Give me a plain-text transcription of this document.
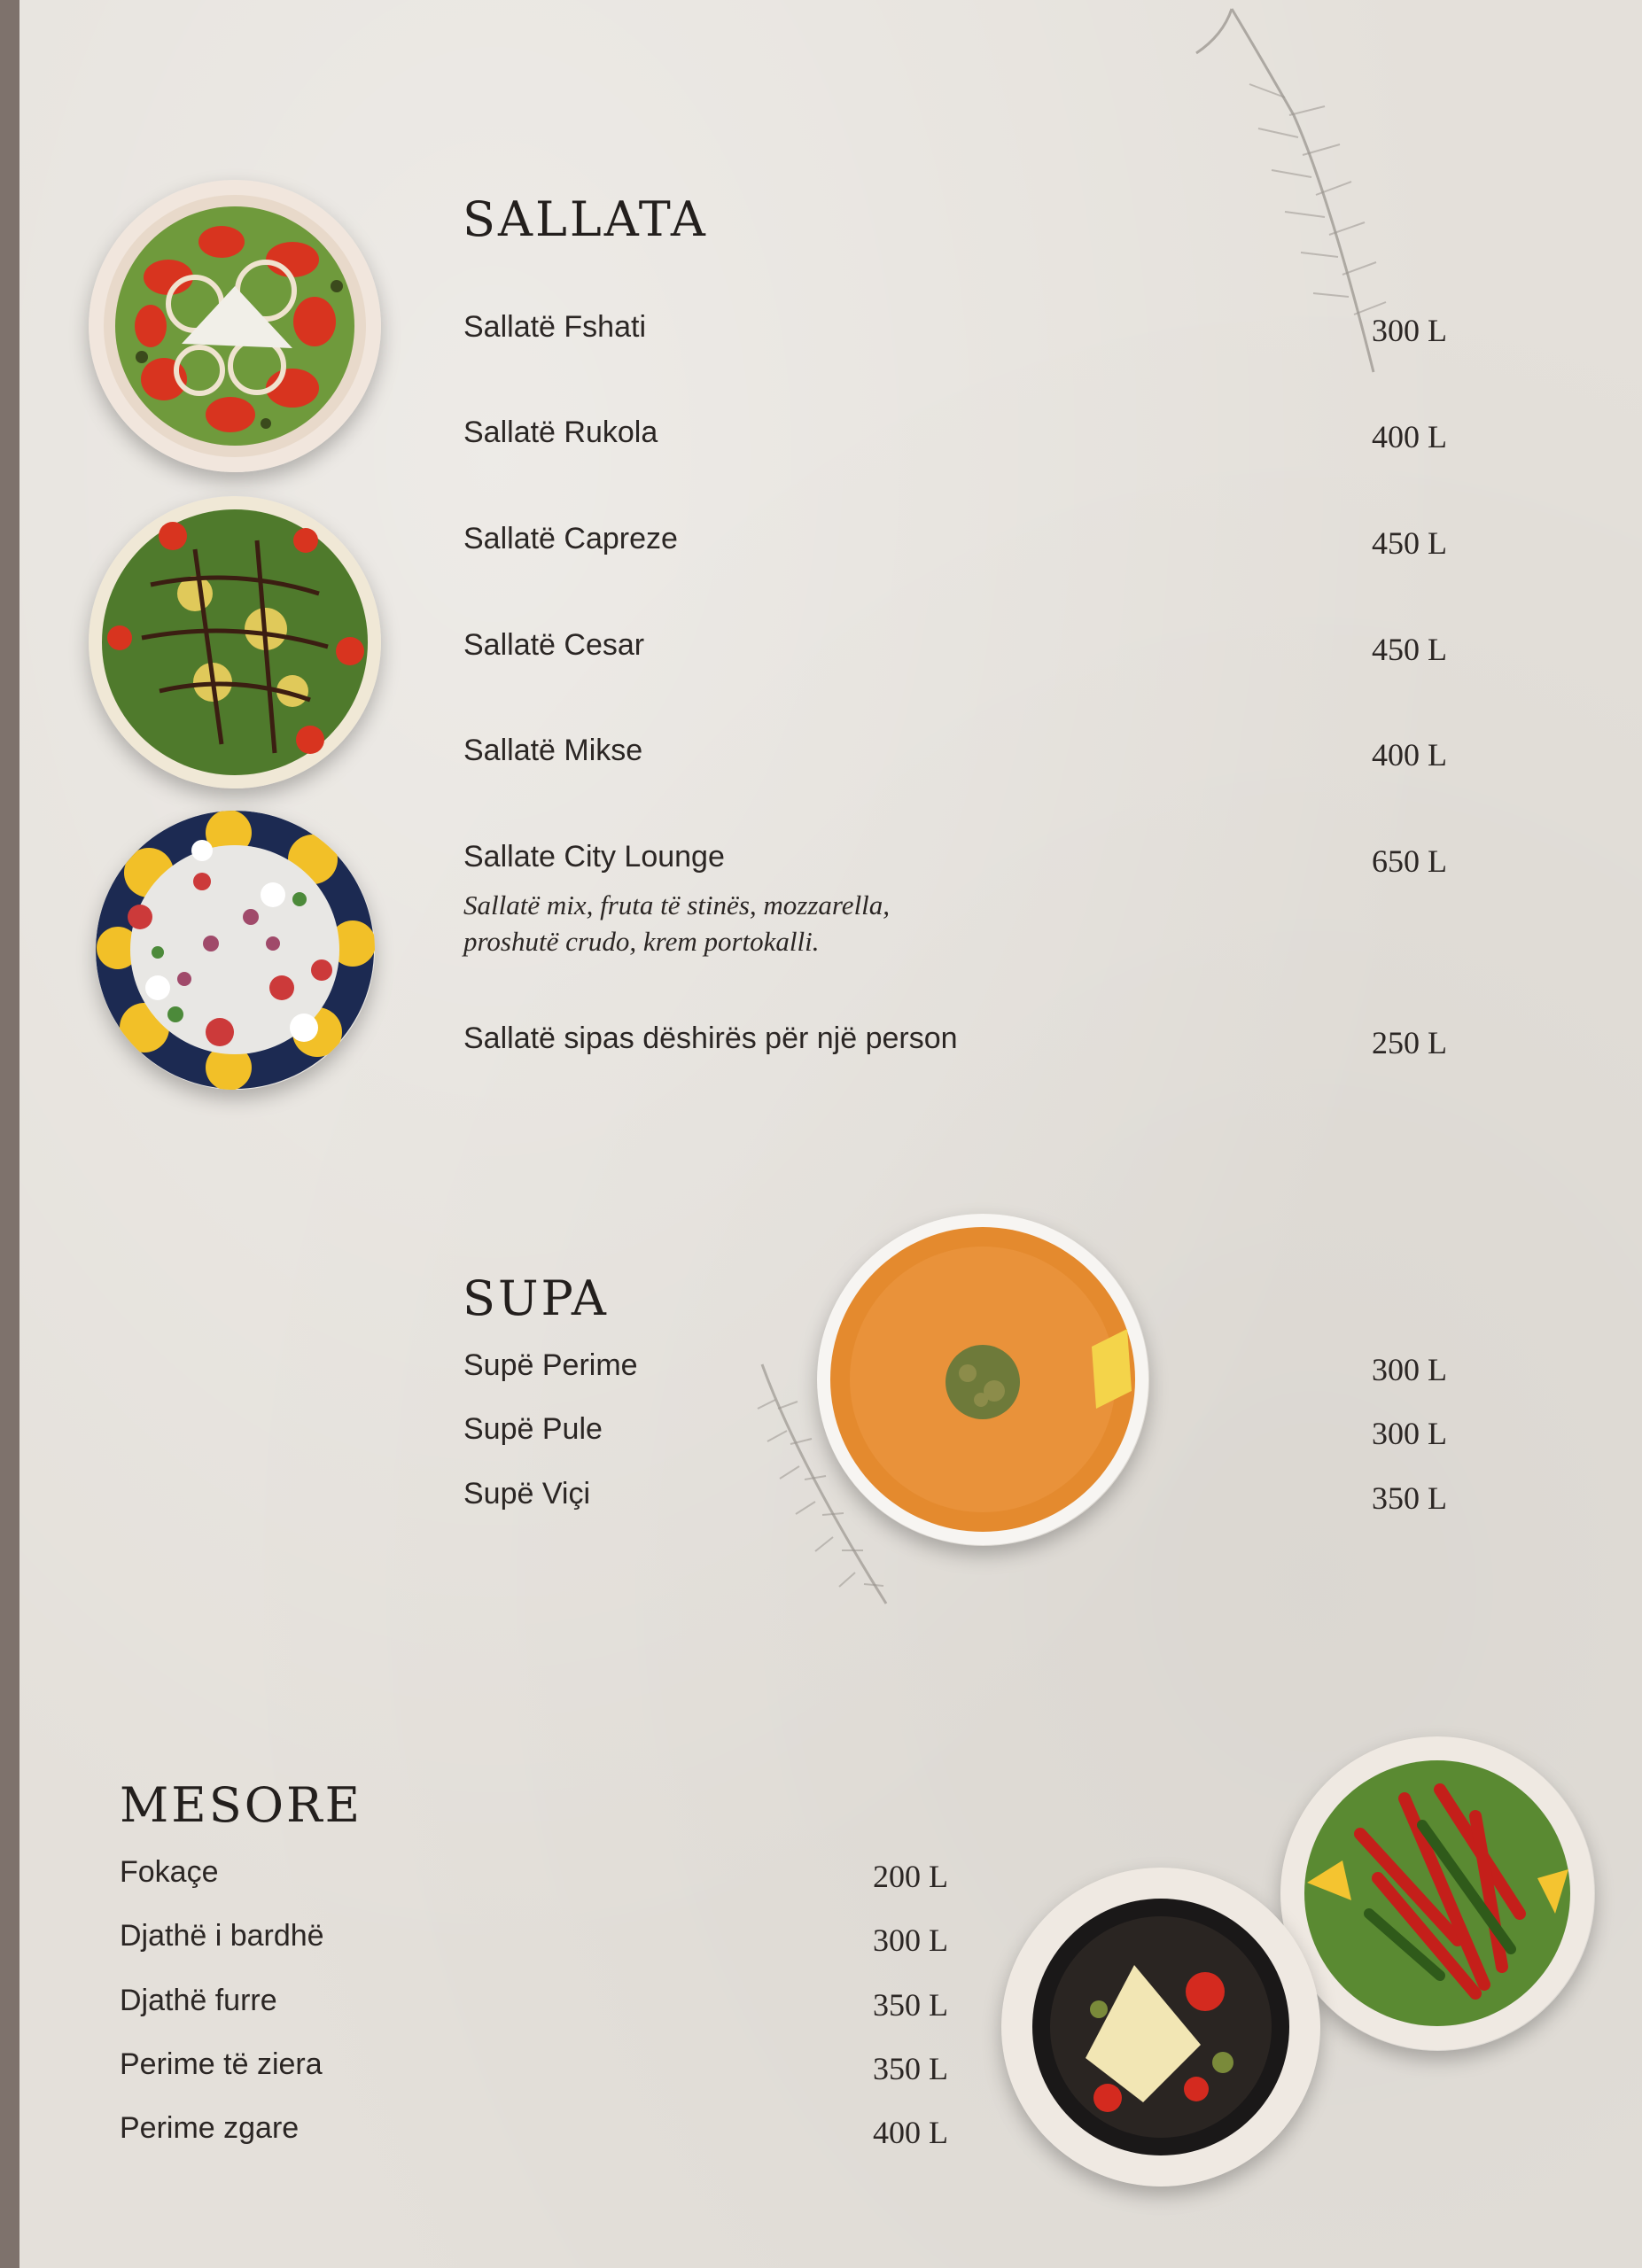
SALLATA
Sallatë Fshati	300 L
Sallatë Rukola	400 L
Sallatë Capreze	450 L
Sallatë Cesar	450 L
Sallatë Mikse	400 L
Sallate City Lounge	650 L
Sallatë mix, fruta të stinës, mozzarella,
proshutë crudo, krem portokalli.
Sallatë sipas dëshirës për një person	250 L
SUPA
Supë Perime	300 L
Supë Pule	300 L
Supë Viçi	350 L
MESORE
Fokaçe	200 L
Djathë i bardhë	300 L
Djathë furre	350 L
Perime të ziera	350 L
Perime zgare	400 L
